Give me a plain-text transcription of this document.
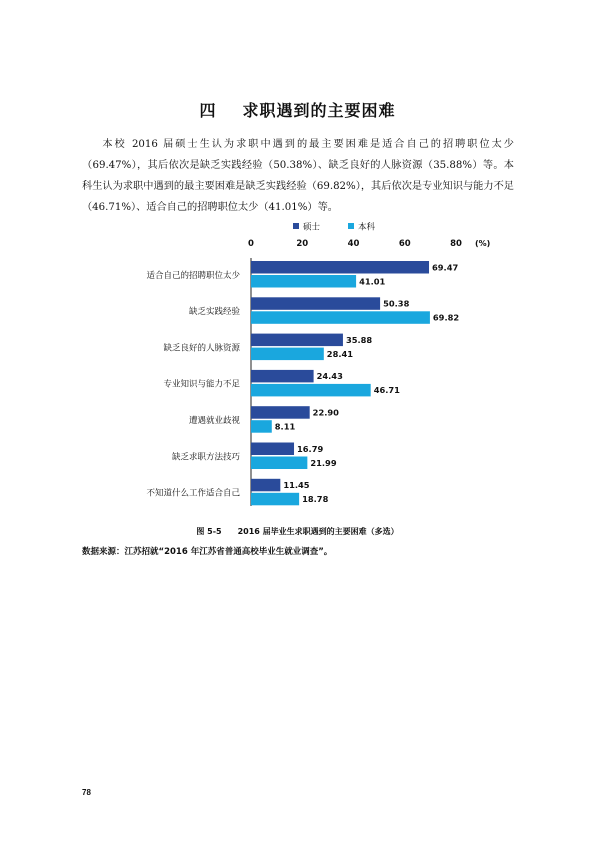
四 求职遇到的主要困难

本校 2016 届硕士生认为求职中遇到的最主要困难是适合自己的招聘职位太少（69.47%），其后依次是缺乏实践经验（50.38%）、缺乏良好的人脉资源（35.88%）等。本科生认为求职中遇到的最主要困难是缺乏实践经验（69.82%），其后依次是专业知识与能力不足（46.71%）、适合自己的招聘职位太少（41.01%）等。

硕士	本科
0	20	40	60	80 (%)
适合自己的招聘职位太少
69.47
41.01
缺乏实践经验
50.38
69.82
缺乏良好的人脉资源
35.88
28.41
专业知识与能力不足
24.43
46.71
遭遇就业歧视
22.90
8.11
缺乏求职方法技巧
16.79
21.99
不知道什么工作适合自己
11.45
18.78
图 5-5 2016 届毕业生求职遇到的主要困难（多选）
数据来源：江苏招就“2016 年江苏省普通高校毕业生就业调查”。
78
